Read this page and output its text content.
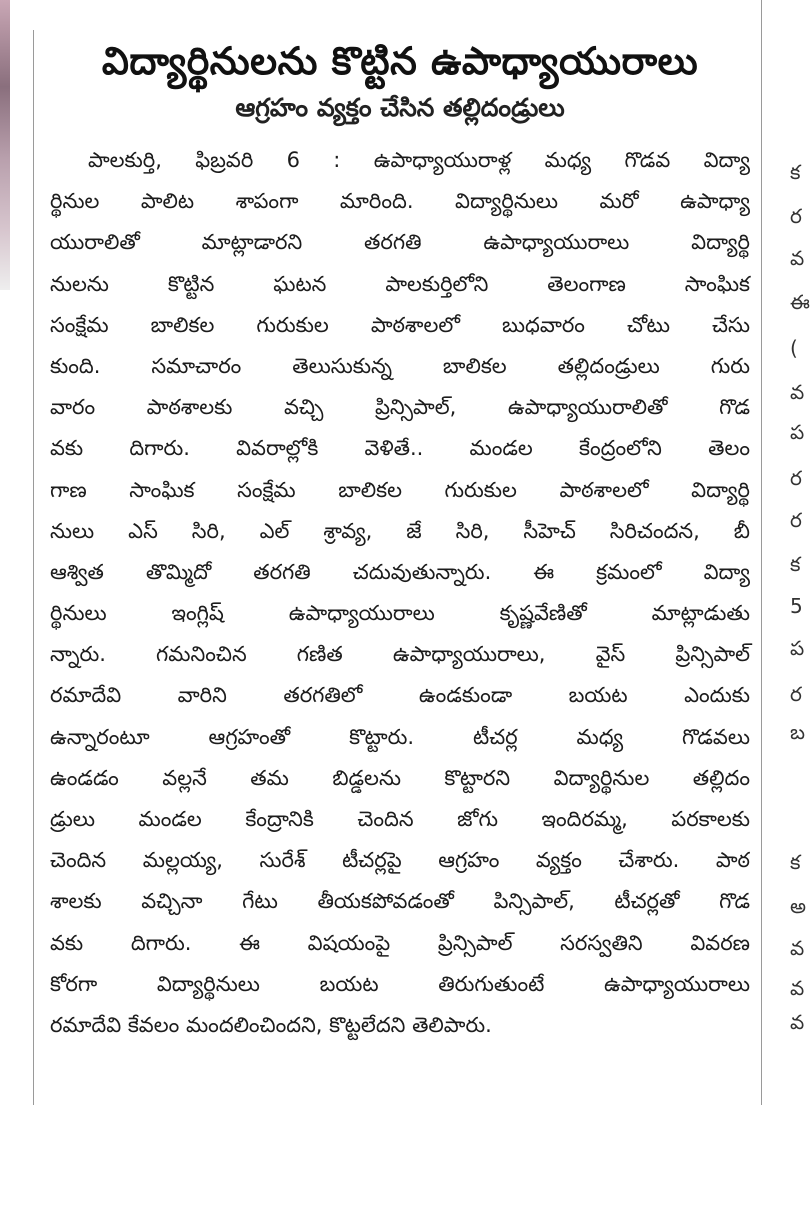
విద్యార్థినులను కొట్టిన ఉపాధ్యాయురాలు
ఆగ్రహం వ్యక్తం చేసిన తల్లిదండ్రులు
పాలకుర్తి, ఫిబ్రవరి 6 : ఉపాధ్యాయురాళ్ల మధ్య గొడవ విద్యా
ర్థినుల పాలిట శాపంగా మారింది. విద్యార్థినులు మరో ఉపాధ్యా
యురాలితో మాట్లాడారని తరగతి ఉపాధ్యాయురాలు విద్యార్థి
నులను కొట్టిన ఘటన పాలకుర్తిలోని తెలంగాణ సాంఘిక
సంక్షేమ బాలికల గురుకుల పాఠశాలలో బుధవారం చోటు చేసు
కుంది. సమాచారం తెలుసుకున్న బాలికల తల్లిదండ్రులు గురు
వారం పాఠశాలకు వచ్చి ప్రిన్సిపాల్, ఉపాధ్యాయురాలితో గొడ
వకు దిగారు. వివరాల్లోకి వెళితే.. మండల కేంద్రంలోని తెలం
గాణ సాంఘిక సంక్షేమ బాలికల గురుకుల పాఠశాలలో విద్యార్థి
నులు ఎస్ సిరి, ఎల్ శ్రావ్య, జే సిరి, సీహెచ్ సిరిచందన, బీ
ఆశ్విత తొమ్మిదో తరగతి చదువుతున్నారు. ఈ క్రమంలో విద్యా
ర్థినులు ఇంగ్లిష్ ఉపాధ్యాయురాలు కృష్ణవేణితో మాట్లాడుతు
న్నారు. గమనించిన గణిత ఉపాధ్యాయురాలు, వైస్ ప్రిన్సిపాల్
రమాదేవి వారిని తరగతిలో ఉండకుండా బయట ఎందుకు
ఉన్నారంటూ ఆగ్రహంతో కొట్టారు. టీచర్ల మధ్య గొడవలు
ఉండడం వల్లనే తమ బిడ్డలను కొట్టారని విద్యార్థినుల తల్లిదం
డ్రులు మండల కేంద్రానికి చెందిన జోగు ఇందిరమ్మ, పరకాలకు
చెందిన మల్లయ్య, సురేశ్ టీచర్లపై ఆగ్రహం వ్యక్తం చేశారు. పాఠ
శాలకు వచ్చినా గేటు తీయకపోవడంతో పిన్సిపాల్, టీచర్లతో గొడ
వకు దిగారు. ఈ విషయంపై ప్రిన్సిపాల్ సరస్వతిని వివరణ
కోరగా విద్యార్థినులు బయట తిరుగుతుంటే ఉపాధ్యాయురాలు
రమాదేవి కేవలం మందలించిందని, కొట్టలేదని తెలిపారు.
క
ర
వ
ఈ
(
వ
ప
ర
ర
క
5
ప
ర
బ
క
అ
వ
వ
వ
